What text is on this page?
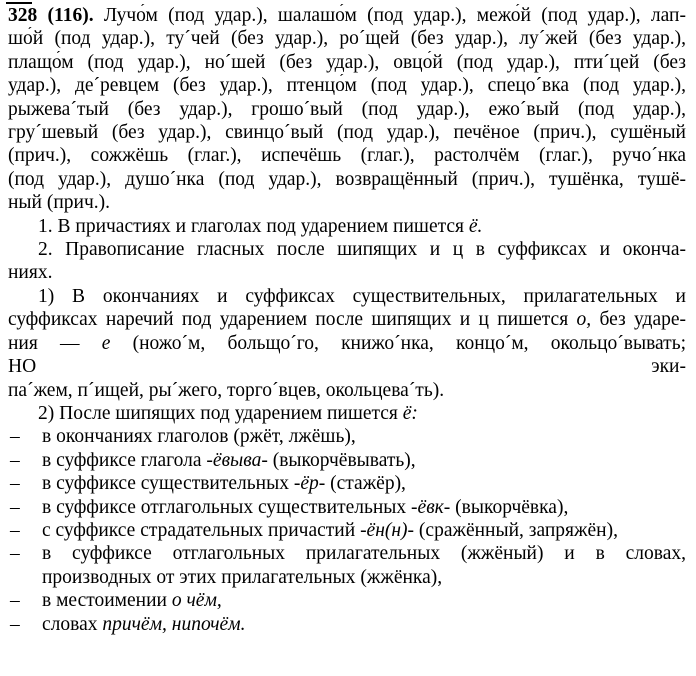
328 (116). Лучо́м (под удар.), шалашо́м (под удар.), межо́й (под удар.), лап-
шо́й (под удар.), ту´чей (без удар.), ро´щей (без удар.), лу´жей (без удар.),
плащо́м (под удар.), но´шей (без удар.), овцо́й (под удар.), пти´цей (без
удар.), де´ревцем (без удар.), птенцо́м (под удар.), спецо´вка (под удар.),
рыжева´тый (без удар.), грошо´вый (под удар.), ежо´вый (под удар.),
гру´шевый (без удар.), свинцо´вый (под удар.), печёное (прич.), сушёный
(прич.), сожжёшь (глаг.), испечёшь (глаг.), растолчём (глаг.), ручо´нка
(под удар.), душо´нка (под удар.), возвращённый (прич.), тушёнка, тушё-
ный (прич.).
1. В причастиях и глаголах под ударением пишется ё.
2. Правописание гласных после шипящих и ц в суффиксах и оконча-
ниях.
1) В окончаниях и суффиксах существительных, прилагательных и
суффиксах наречий под ударением после шипящих и ц пишется о, без ударе-
ния — е (ножо´м, больщо´го, книжо´нка, концо´м, окольцо´вывать;
НО	эки-
па´жем, п´ищей, ры´жего, торго´вцев, окольцева´ть).
2) После шипящих под ударением пишется ё:
–	в окончаниях глаголов (ржёт, лжёшь),
–	в суффиксе глагола -ёвыва- (выкорчёвывать),
–	в суффиксе существительных -ёр- (стажёр),
–	в суффиксе отглагольных существительных -ёвк- (выкорчёвка),
–	с суффиксе страдательных причастий -ён(н)- (сражённый, запряжён),
–	в суффиксе отглагольных прилагательных (жжёный) и в словах,
производных от этих прилагательных (жжёнка),
–	в местоимении о чём,
–	словах причём, нипочём.
